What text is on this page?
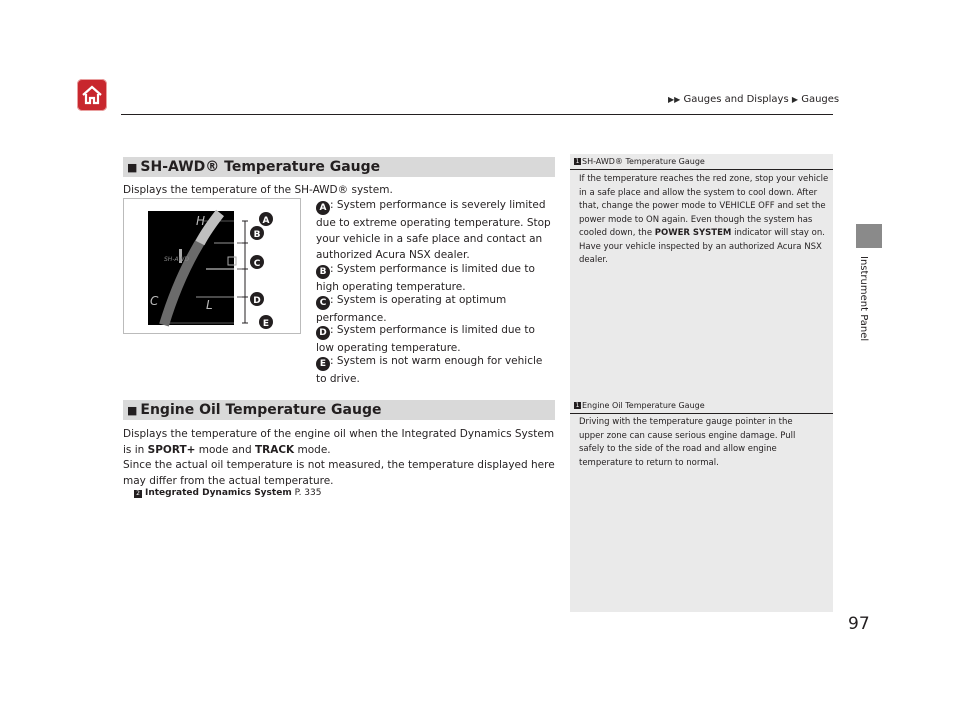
▶▶ Gauges and Displays ▶ Gauges
Instrument Panel
97
■ SH-AWD® Temperature Gauge	1 SH-AWD® Temperature Gauge
If the temperature reaches the red zone, stop your vehicle in a safe place and allow the system to cool down. After that, change the power mode to VEHICLE OFF and set the power mode to ON again. Even though the system has cooled down, the POWER SYSTEM indicator will stay on. Have your vehicle inspected by an authorized Acura NSX dealer.
Displays the temperature of the SH-AWD® system.
SH-AWD
H
L
C
A
B
C
D
E
A : System performance is severely limited due to extreme operating temperature. Stop your vehicle in a safe place and contact an authorized Acura NSX dealer.
B : System performance is limited due to high operating temperature.
C : System is operating at optimum performance.
D : System performance is limited due to low operating temperature.
E : System is not warm enough for vehicle to drive.
■ Engine Oil Temperature Gauge	1 Engine Oil Temperature Gauge
Driving with the temperature gauge pointer in the upper zone can cause serious engine damage. Pull safely to the side of the road and allow engine temperature to return to normal.
Displays the temperature of the engine oil when the Integrated Dynamics System is in SPORT+ mode and TRACK mode.
Since the actual oil temperature is not measured, the temperature displayed here may differ from the actual temperature.
2 Integrated Dynamics System P. 335
